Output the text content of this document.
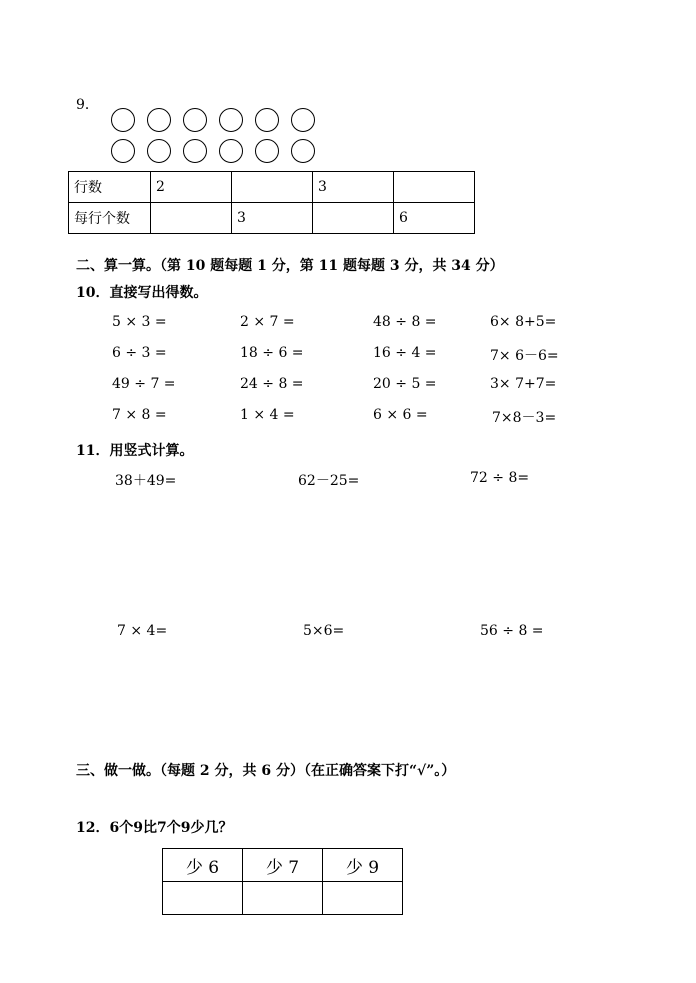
9．
行数	2		3	
每行个数		3		6
二、算一算。（第 10 题每题 1 分，第 11 题每题 3 分，共 34 分）
10．直接写出得数。
5 × 3 =	2 × 7 =	48 ÷ 8 =	6× 8+5=
6 ÷ 3 =	18 ÷ 6 =	16 ÷ 4 =	7× 6－6=
49 ÷ 7 =	24 ÷ 8 =	20 ÷ 5 =	3× 7+7=
7 × 8 =	1 × 4 =	6 × 6 =	7×8－3=
11．用竖式计算。
38＋49=	62－25=	72 ÷ 8=
7 × 4=	5×6=	56 ÷ 8 =
三、做一做。（每题 2 分，共 6 分）（在正确答案下打“√”。）
12．6个9比7个9少几？
少 6	少 7	少 9
